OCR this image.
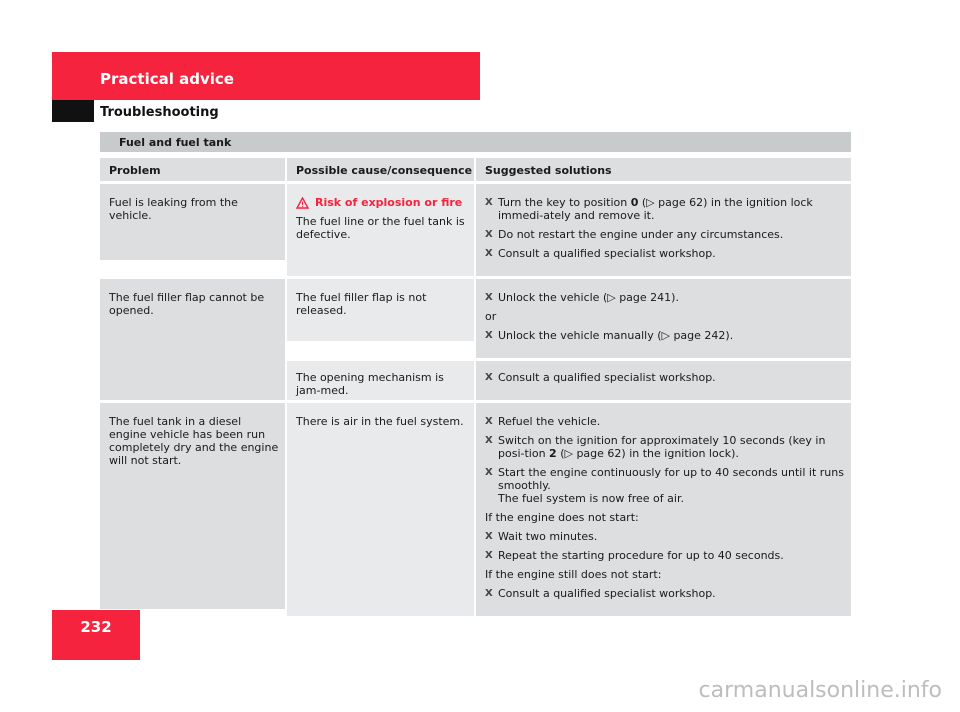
Practical advice
Troubleshooting
Fuel and fuel tank
Problem	Possible cause/consequence	Suggested solutions
Fuel is leaking from the vehicle.
Risk of explosion or fire
The fuel line or the fuel tank is defective.
X Turn the key to position 0 (▷ page 62) in the ignition lock immedi-ately and remove it.
X Do not restart the engine under any circumstances.
X Consult a qualified specialist workshop.
The fuel filler flap cannot be opened.
The fuel filler flap is not released.
X Unlock the vehicle (▷ page 241).
or
X Unlock the vehicle manually (▷ page 242).
The opening mechanism is jam-med.
X Consult a qualified specialist workshop.
The fuel tank in a diesel engine vehicle has been run completely dry and the engine will not start.
There is air in the fuel system.
X	Refuel the vehicle.
X Switch on the ignition for approximately 10 seconds (key in posi-tion 2 (▷ page 62) in the ignition lock).
X Start the engine continuously for up to 40 seconds until it runs smoothly.
The fuel system is now free of air.
If the engine does not start:
X Wait two minutes.
X Repeat the starting procedure for up to 40 seconds.
If the engine still does not start:
X Consult a qualified specialist workshop.
232
carmanualsonline.info
